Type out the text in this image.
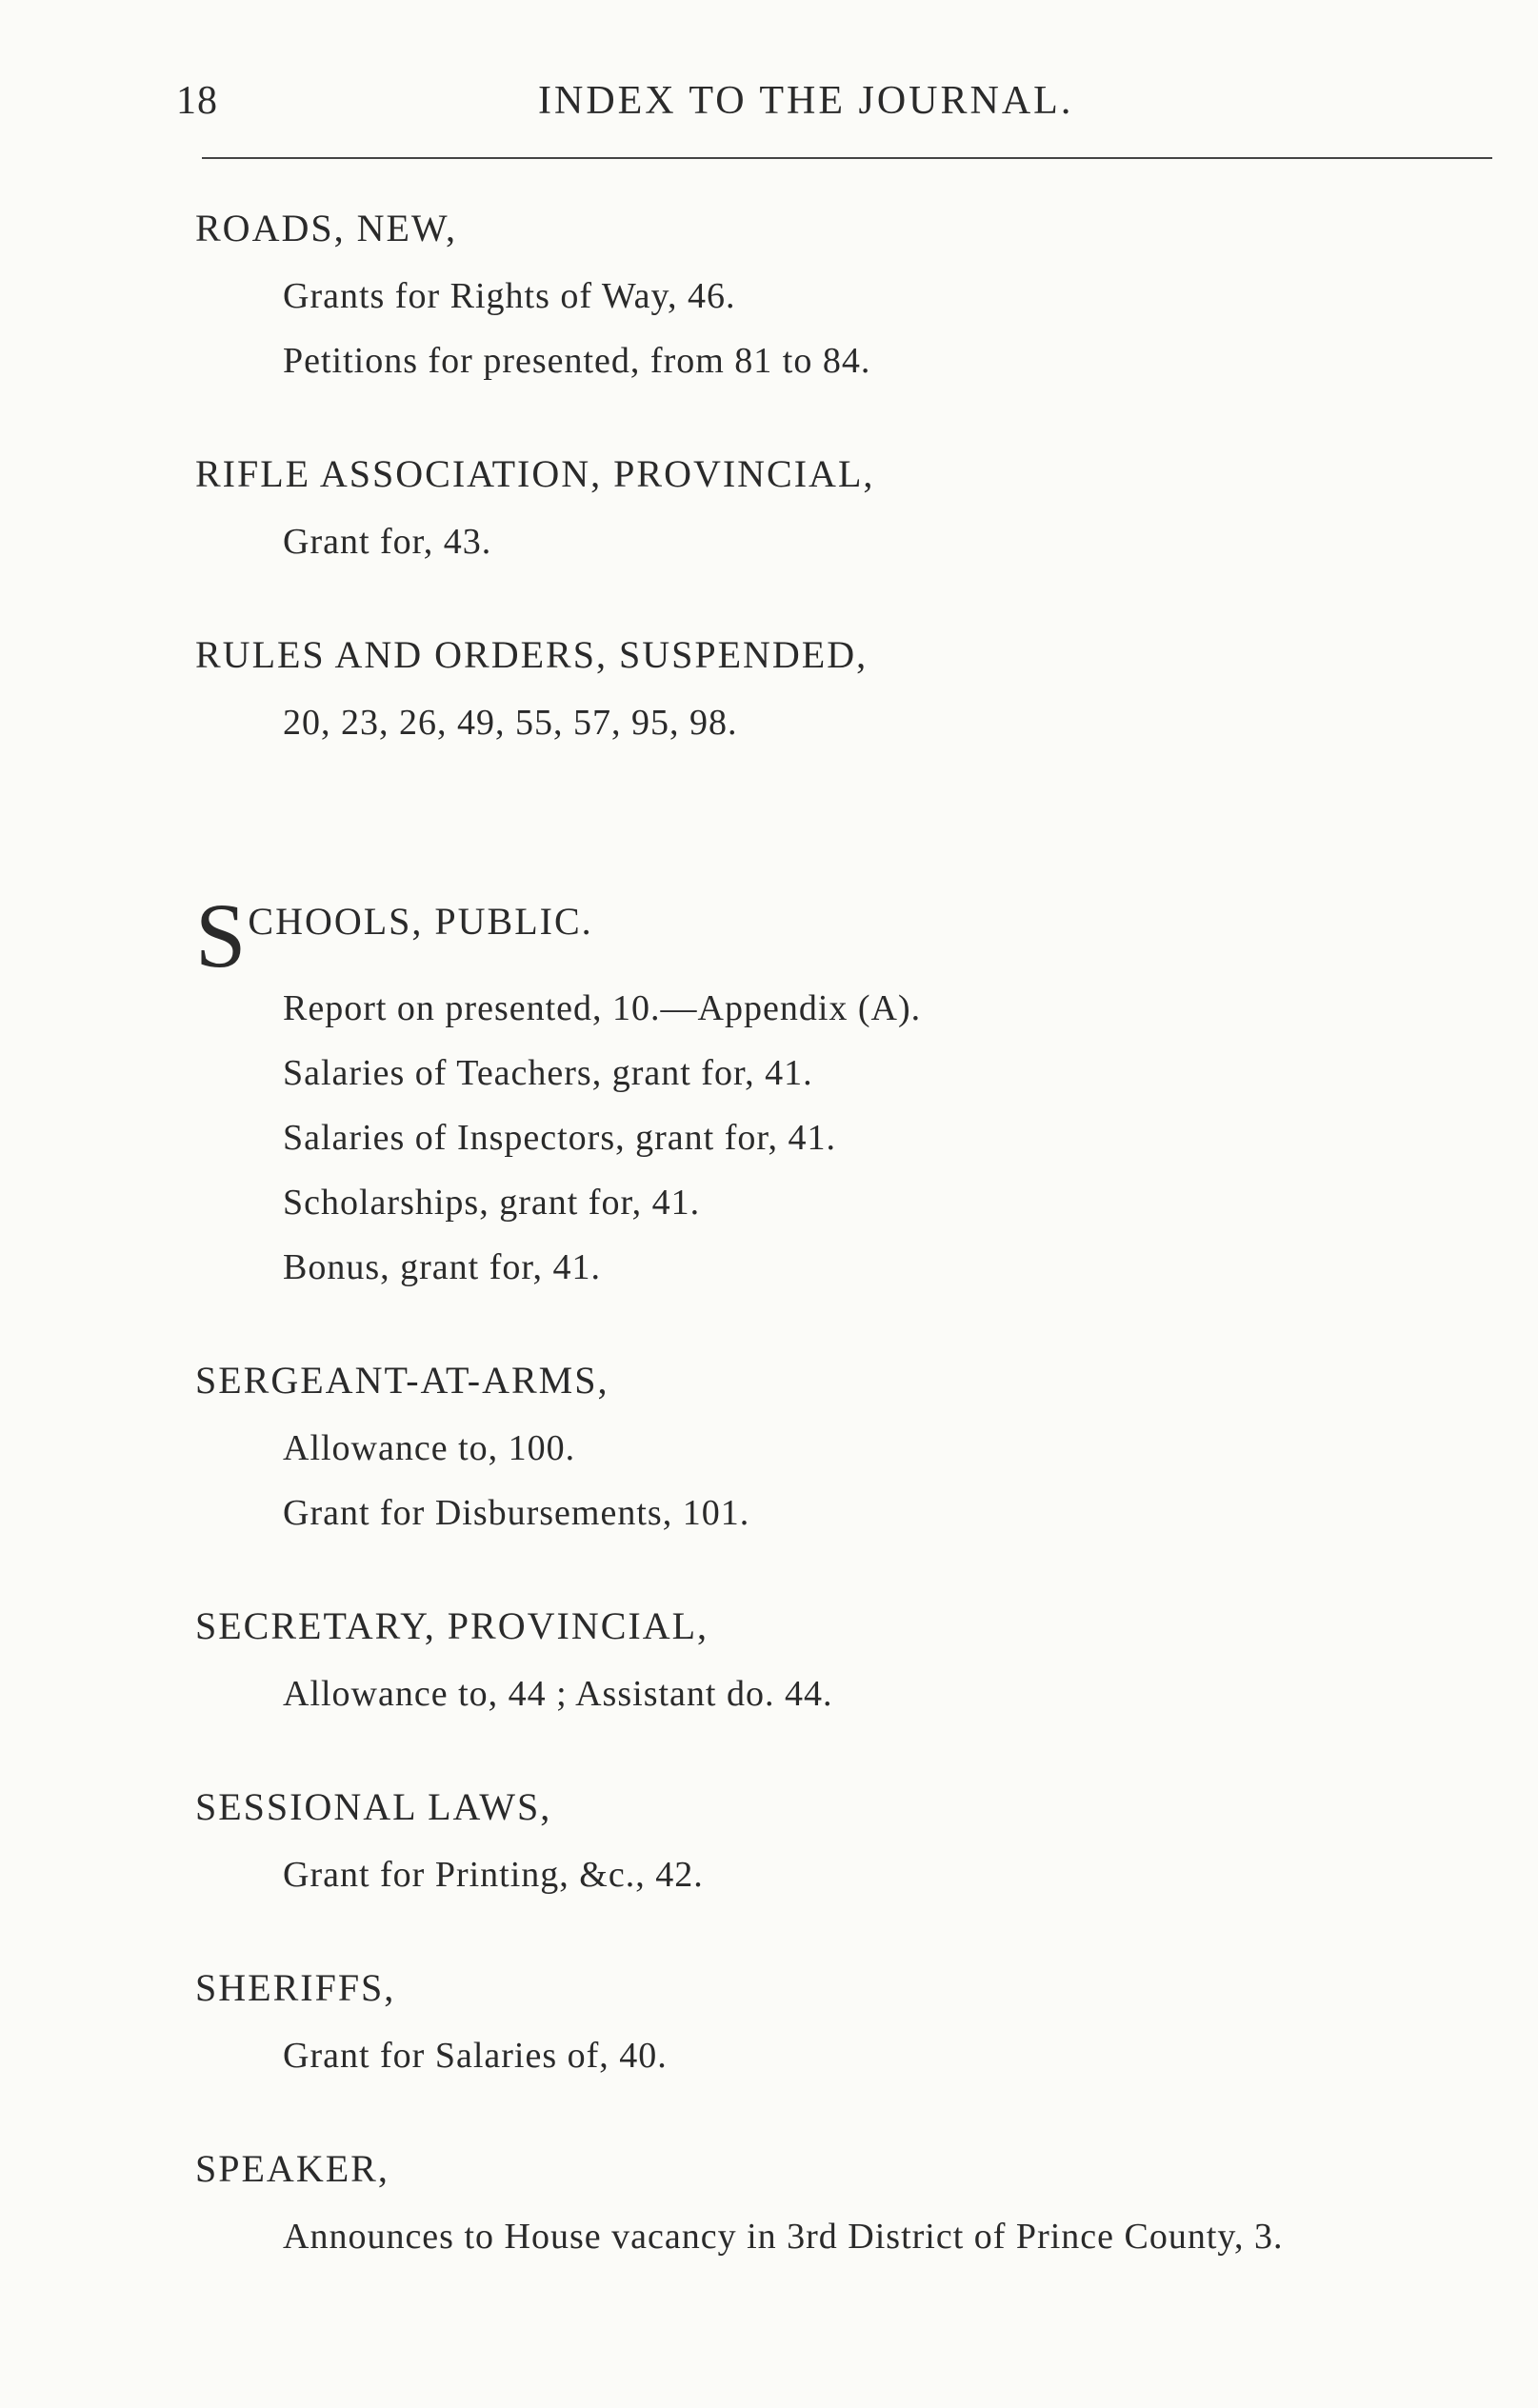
18	INDEX TO THE JOURNAL.

ROADS, NEW,

Grants for Rights of Way, 46.

Petitions for presented, from 81 to 84.

RIFLE ASSOCIATION, PROVINCIAL,

Grant for, 43.

RULES AND ORDERS, SUSPENDED,

20, 23, 26, 49, 55, 57, 95, 98.

SCHOOLS, PUBLIC.

Report on presented, 10.—Appendix (A).

Salaries of Teachers, grant for, 41.

Salaries of Inspectors, grant for, 41.

Scholarships, grant for, 41.

Bonus, grant for, 41.

SERGEANT-AT-ARMS,

Allowance to, 100.

Grant for Disbursements, 101.

SECRETARY, PROVINCIAL,

Allowance to, 44 ; Assistant do. 44.

SESSIONAL LAWS,

Grant for Printing, &c., 42.

SHERIFFS,

Grant for Salaries of, 40.

SPEAKER,

Announces to House vacancy in 3rd District of Prince County, 3.
